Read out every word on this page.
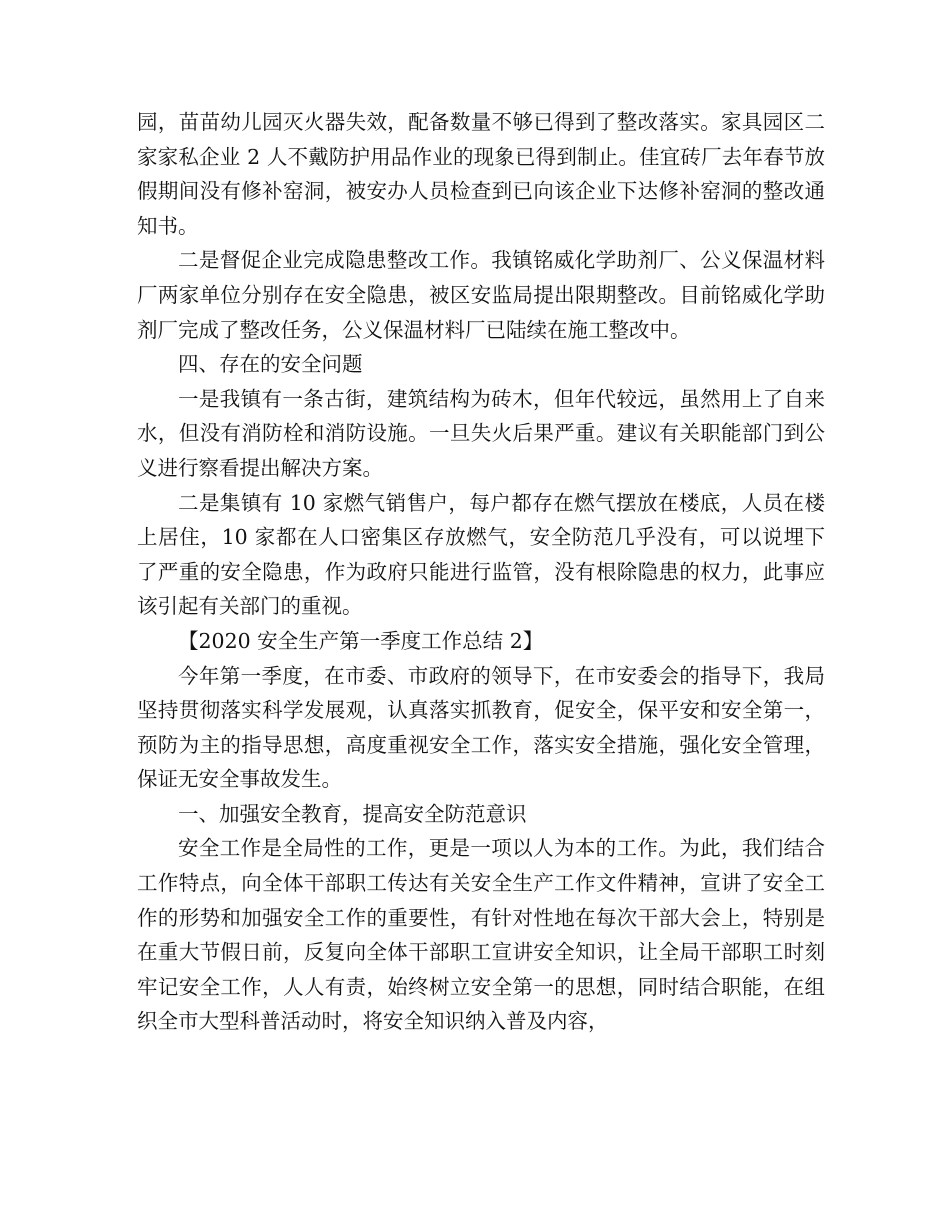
园，苗苗幼儿园灭火器失效，配备数量不够已得到了整改落实。家具园区二家家私企业 2 人不戴防护用品作业的现象已得到制止。佳宜砖厂去年春节放假期间没有修补窑洞，被安办人员检查到已向该企业下达修补窑洞的整改通知书。

二是督促企业完成隐患整改工作。我镇铭威化学助剂厂、公义保温材料厂两家单位分别存在安全隐患，被区安监局提出限期整改。目前铭威化学助剂厂完成了整改任务，公义保温材料厂已陆续在施工整改中。

四、存在的安全问题

一是我镇有一条古街，建筑结构为砖木，但年代较远，虽然用上了自来水，但没有消防栓和消防设施。一旦失火后果严重。建议有关职能部门到公义进行察看提出解决方案。

二是集镇有 10 家燃气销售户，每户都存在燃气摆放在楼底，人员在楼上居住，10 家都在人口密集区存放燃气，安全防范几乎没有，可以说埋下了严重的安全隐患，作为政府只能进行监管，没有根除隐患的权力，此事应该引起有关部门的重视。

【2020 安全生产第一季度工作总结 2】

今年第一季度，在市委、市政府的领导下，在市安委会的指导下，我局坚持贯彻落实科学发展观，认真落实抓教育，促安全，保平安和安全第一，预防为主的指导思想，高度重视安全工作，落实安全措施，强化安全管理，保证无安全事故发生。

一、加强安全教育，提高安全防范意识

安全工作是全局性的工作，更是一项以人为本的工作。为此，我们结合工作特点，向全体干部职工传达有关安全生产工作文件精神，宣讲了安全工作的形势和加强安全工作的重要性，有针对性地在每次干部大会上，特别是在重大节假日前，反复向全体干部职工宣讲安全知识，让全局干部职工时刻牢记安全工作，人人有责，始终树立安全第一的思想，同时结合职能，在组织全市大型科普活动时，将安全知识纳入普及内容，
